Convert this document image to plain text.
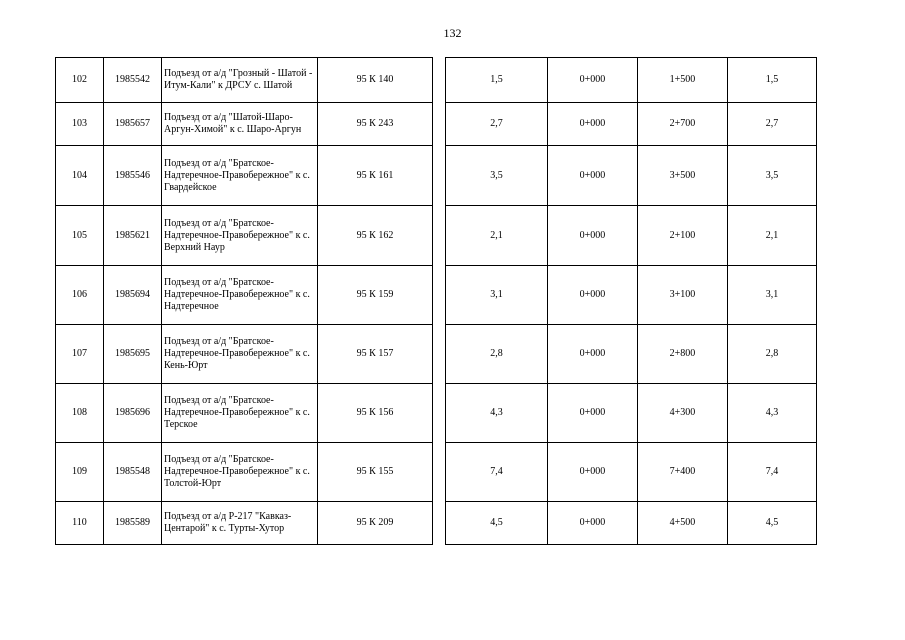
132
102	1985542	Подъезд от а/д "Грозный - Шатой - Итум-Кали" к ДРСУ с. Шатой	95 К 140		1,5	0+000	1+500	1,5
103	1985657	Подъезд от а/д "Шатой-Шаро-Аргун-Химой" к с. Шаро-Аргун	95 К 243		2,7	0+000	2+700	2,7
104	1985546	Подъезд от а/д "Братское-Надтеречное-Правобережное" к с. Гвардейское	95 К 161		3,5	0+000	3+500	3,5
105	1985621	Подъезд от а/д "Братское-Надтеречное-Правобережное" к с. Верхний Наур	95 К 162		2,1	0+000	2+100	2,1
106	1985694	Подъезд от а/д "Братское-Надтеречное-Правобережное" к с. Надтеречное	95 К 159		3,1	0+000	3+100	3,1
107	1985695	Подъезд от а/д "Братское-Надтеречное-Правобережное" к с. Кень-Юрт	95 К 157		2,8	0+000	2+800	2,8
108	1985696	Подъезд от а/д "Братское-Надтеречное-Правобережное" к с. Терское	95 К 156		4,3	0+000	4+300	4,3
109	1985548	Подъезд от а/д "Братское-Надтеречное-Правобережное" к с. Толстой-Юрт	95 К 155		7,4	0+000	7+400	7,4
110	1985589	Подъезд от а/д Р-217 "Кавказ-Центарой" к с. Турты-Хутор	95 К 209		4,5	0+000	4+500	4,5
